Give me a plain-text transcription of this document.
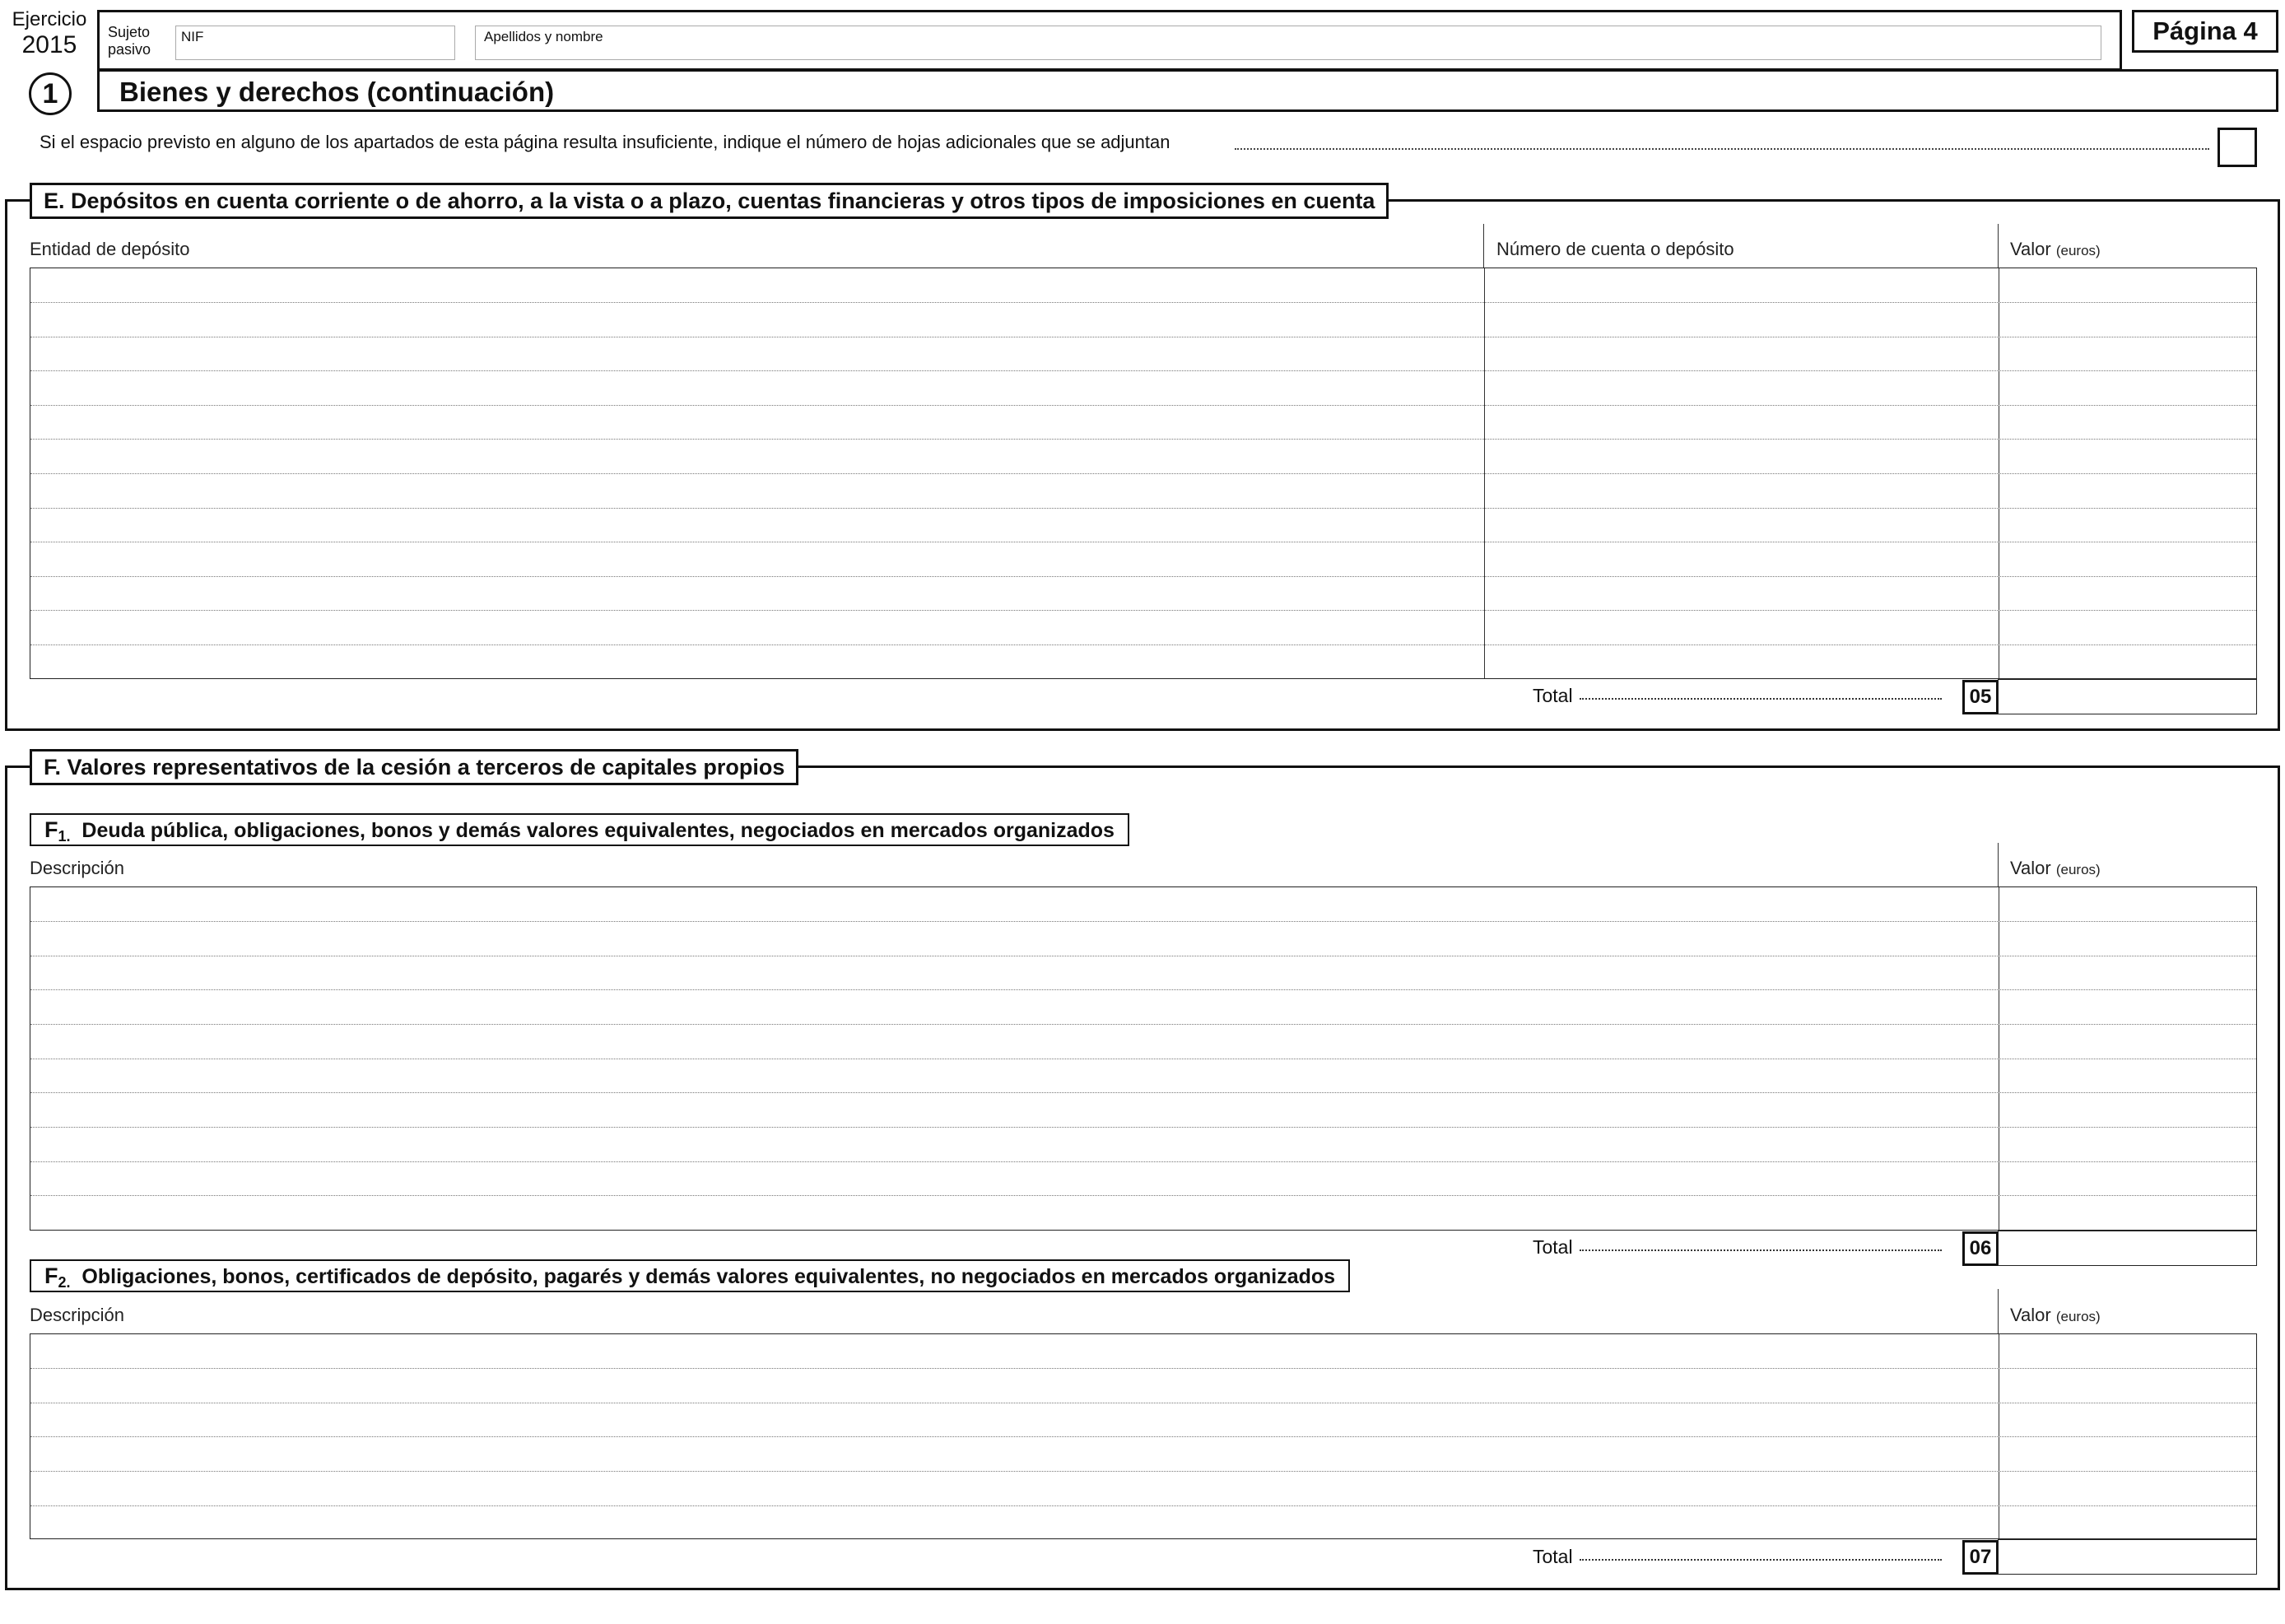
Ejercicio
2015	Sujeto
pasivo
NIF	Apellidos y nombre	Página 4
1	Bienes y derechos (continuación)
Si el espacio previsto en alguno de los apartados de esta página resulta insuficiente, indique el número de hojas adicionales que se adjuntan
E. Depósitos en cuenta corriente o de ahorro, a la vista o a plazo, cuentas financieras y otros tipos de imposiciones en cuenta
Entidad de depósito	Número de cuenta o depósito	Valor (euros)
Total	05
F. Valores representativos de la cesión a terceros de capitales propios
$F_{1.}$ Deuda pública, obligaciones, bonos y demás valores equivalentes, negociados en mercados organizados
Descripción	Valor (euros)
Total	06
$F_{2.}$ Obligaciones, bonos, certificados de depósito, pagarés y demás valores equivalentes, no negociados en mercados organizados
Descripción	Valor (euros)
Total	07
